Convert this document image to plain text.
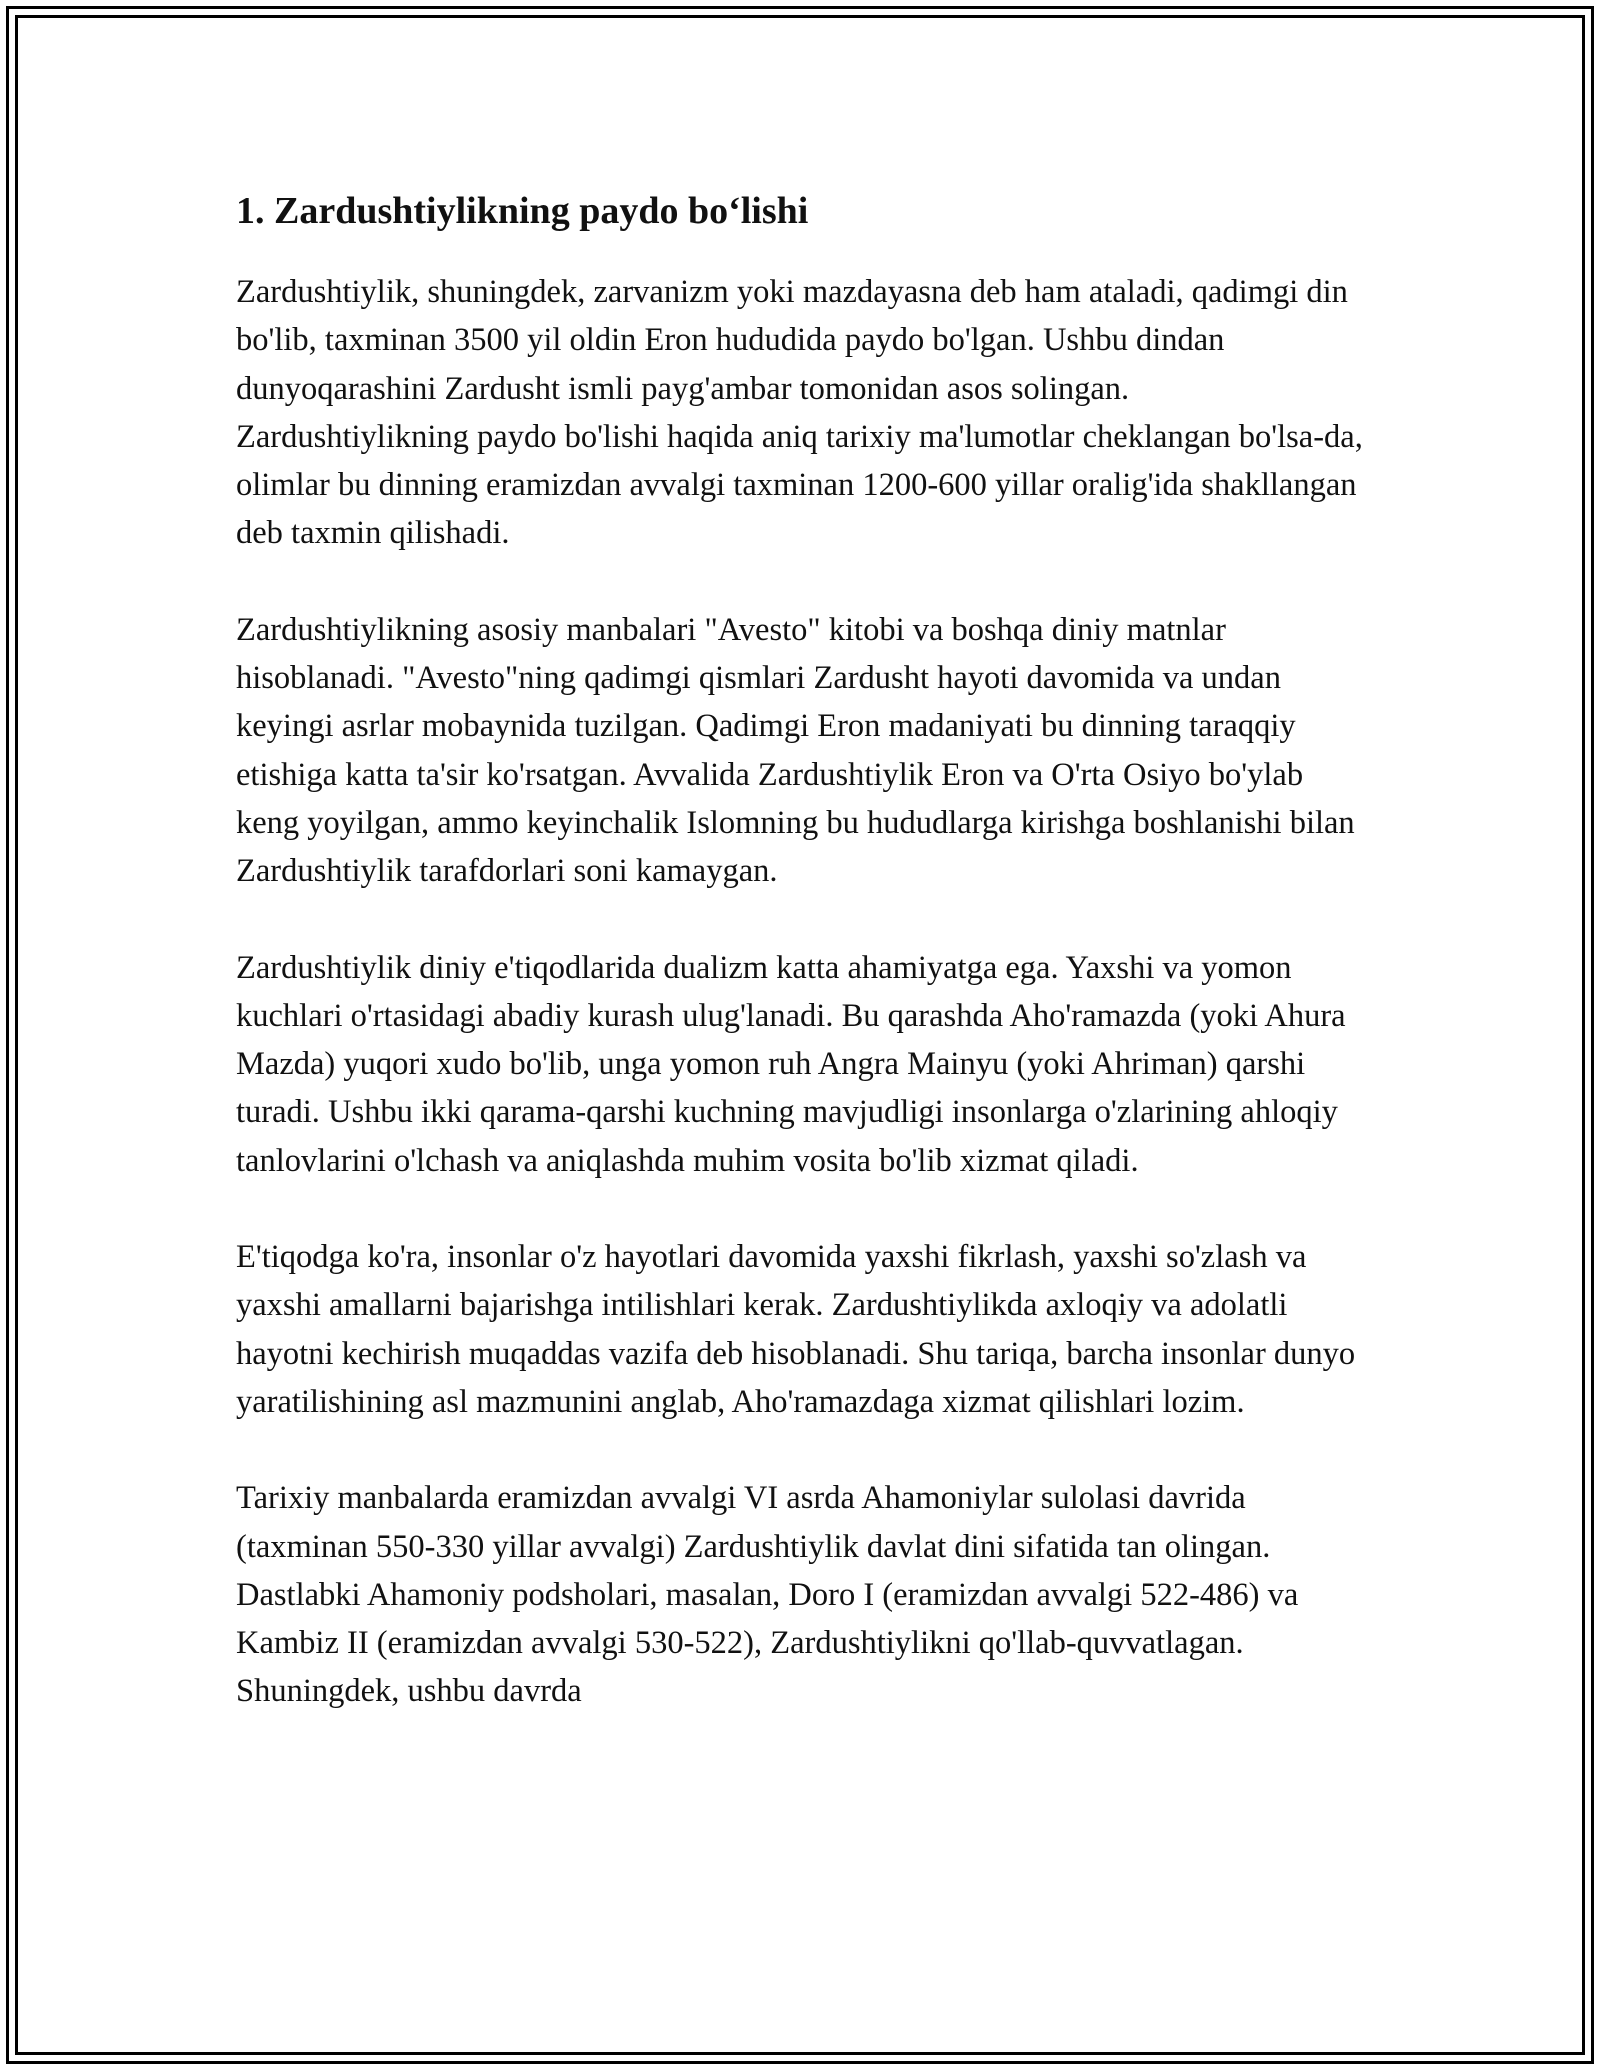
1. Zardushtiylikning paydo bo‘lishi

Zardushtiylik, shuningdek, zarvanizm yoki mazdayasna deb ham ataladi, qadimgi din bo'lib, taxminan 3500 yil oldin Eron hududida paydo bo'lgan. Ushbu dindan dunyoqarashini Zardusht ismli payg'ambar tomonidan asos solingan. Zardushtiylikning paydo bo'lishi haqida aniq tarixiy ma'lumotlar cheklangan bo'lsa-da, olimlar bu dinning eramizdan avvalgi taxminan 1200-600 yillar oralig'ida shakllangan deb taxmin qilishadi.

Zardushtiylikning asosiy manbalari "Avesto" kitobi va boshqa diniy matnlar hisoblanadi. "Avesto"ning qadimgi qismlari Zardusht hayoti davomida va undan keyingi asrlar mobaynida tuzilgan. Qadimgi Eron madaniyati bu dinning taraqqiy etishiga katta ta'sir ko'rsatgan. Avvalida Zardushtiylik Eron va O'rta Osiyo bo'ylab keng yoyilgan, ammo keyinchalik Islomning bu hududlarga kirishga boshlanishi bilan Zardushtiylik tarafdorlari soni kamaygan.

Zardushtiylik diniy e'tiqodlarida dualizm katta ahamiyatga ega. Yaxshi va yomon kuchlari o'rtasidagi abadiy kurash ulug'lanadi. Bu qarashda Aho'ramazda (yoki Ahura Mazda) yuqori xudo bo'lib, unga yomon ruh Angra Mainyu (yoki Ahriman) qarshi turadi. Ushbu ikki qarama-qarshi kuchning mavjudligi insonlarga o'zlarining ahloqiy tanlovlarini o'lchash va aniqlashda muhim vosita bo'lib xizmat qiladi.

E'tiqodga ko'ra, insonlar o'z hayotlari davomida yaxshi fikrlash, yaxshi so'zlash va yaxshi amallarni bajarishga intilishlari kerak. Zardushtiylikda axloqiy va adolatli hayotni kechirish muqaddas vazifa deb hisoblanadi. Shu tariqa, barcha insonlar dunyo yaratilishining asl mazmunini anglab, Aho'ramazdaga xizmat qilishlari lozim.

Tarixiy manbalarda eramizdan avvalgi VI asrda Ahamoniylar sulolasi davrida (taxminan 550-330 yillar avvalgi) Zardushtiylik davlat dini sifatida tan olingan. Dastlabki Ahamoniy podsholari, masalan, Doro I (eramizdan avvalgi 522-486) va Kambiz II (eramizdan avvalgi 530-522), Zardushtiylikni qo'llab-quvvatlagan. Shuningdek, ushbu davrda
